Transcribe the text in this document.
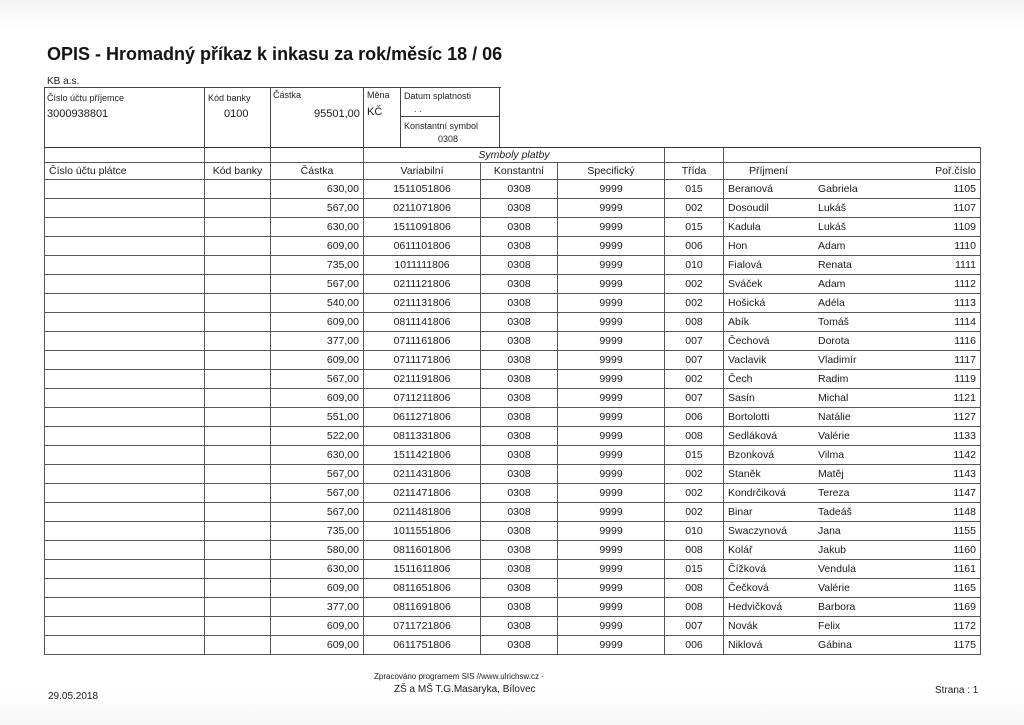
OPIS - Hromadný příkaz k inkasu za rok/měsíc 18 / 06
KB a.s.
Číslo účtu příjemce
3000938801
Kód banky
0100
Částka
95501,00
Měna
KČ
Datum splatnosti
. .
Konstantní symbol
0308
			Symboly platby						
Číslo účtu plátce	Kód banky	Částka	Variabilní	Konstantní	Specifický	Třída	Příjmení		Poř.číslo
		630,00	1511051806	0308	9999	015	Beranová	Gabriela	1105
		567,00	0211071806	0308	9999	002	Dosoudil	Lukáš	1107
		630,00	1511091806	0308	9999	015	Kadula	Lukáš	1109
		609,00	0611101806	0308	9999	006	Hon	Adam	1110
		735,00	1011111806	0308	9999	010	Fialová	Renata	1111
		567,00	0211121806	0308	9999	002	Sváček	Adam	1112
		540,00	0211131806	0308	9999	002	Hošická	Adéla	1113
		609,00	0811141806	0308	9999	008	Abík	Tomáš	1114
		377,00	0711161806	0308	9999	007	Čechová	Dorota	1116
		609,00	0711171806	0308	9999	007	Vaclavik	Vladimír	1117
		567,00	0211191806	0308	9999	002	Čech	Radim	1119
		609,00	0711211806	0308	9999	007	Sasín	Michal	1121
		551,00	0611271806	0308	9999	006	Bortolotti	Natálie	1127
		522,00	0811331806	0308	9999	008	Sedláková	Valérie	1133
		630,00	1511421806	0308	9999	015	Bzonková	Vilma	1142
		567,00	0211431806	0308	9999	002	Staněk	Matěj	1143
		567,00	0211471806	0308	9999	002	Kondrčiková	Tereza	1147
		567,00	0211481806	0308	9999	002	Binar	Tadeáš	1148
		735,00	1011551806	0308	9999	010	Swaczynová	Jana	1155
		580,00	0811601806	0308	9999	008	Kolář	Jakub	1160
		630,00	1511611806	0308	9999	015	Čížková	Vendula	1161
		609,00	0811651806	0308	9999	008	Čečková	Valérie	1165
		377,00	0811691806	0308	9999	008	Hedvičková	Barbora	1169
		609,00	0711721806	0308	9999	007	Novák	Felix	1172
		609,00	0611751806	0308	9999	006	Niklová	Gábina	1175
Zpracováno programem SIS //www.ulrichsw.cz -
ZŠ a MŠ T.G.Masaryka, Bílovec
29.05.2018
Strana : 1
